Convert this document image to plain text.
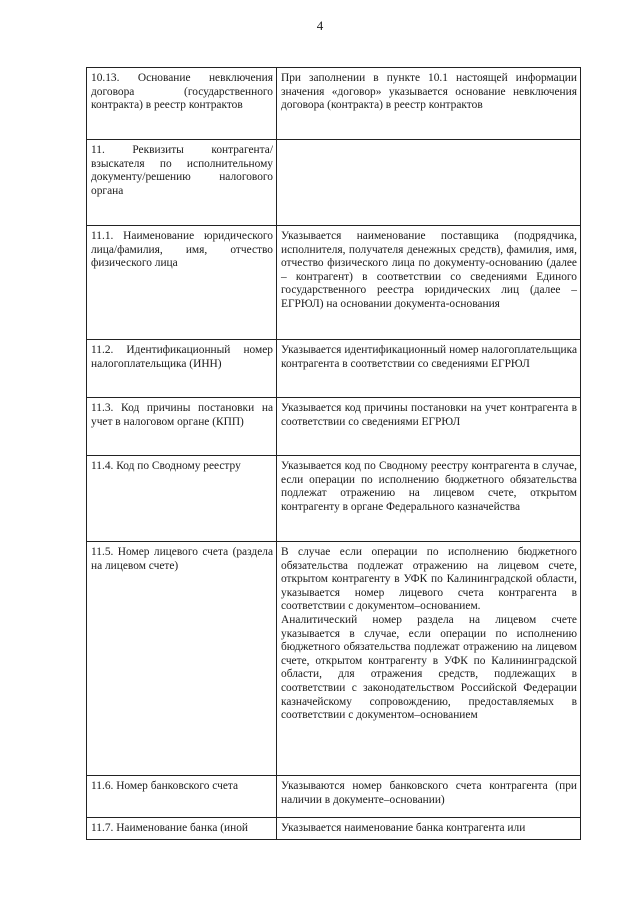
4
10.13. Основание невключения договора (государственного контракта) в реестр контрактов	При заполнении в пункте 10.1 настоящей информации значения «договор» указывается основание невключения договора (контракта) в реестр контрактов

11. Реквизиты контрагента/взыскателя по исполнительному документу/решению налогового органа	

11.1. Наименование юридического лица/фамилия, имя, отчество физического лица	Указывается наименование поставщика (подрядчика, исполнителя, получателя денежных средств), фамилия, имя, отчество физического лица по документу-основанию (далее – контрагент) в соответствии со сведениями Единого государственного реестра юридических лиц (далее – ЕГРЮЛ) на основании документа-основания

11.2. Идентификационный номер налогоплательщика (ИНН)	Указывается идентификационный номер налогоплательщика контрагента в соответствии со сведениями ЕГРЮЛ

11.3. Код причины постановки на учет в налоговом органе (КПП)	Указывается код причины постановки на учет контрагента в соответствии со сведениями ЕГРЮЛ

11.4. Код по Сводному реестру	Указывается код по Сводному реестру контрагента в случае, если операции по исполнению бюджетного обязательства подлежат отражению на лицевом счете, открытом контрагенту в органе Федерального казначейства

11.5. Номер лицевого счета (раздела на лицевом счете)	В случае если операции по исполнению бюджетного обязательства подлежат отражению на лицевом счете, открытом контрагенту в УФК по Калининградской области, указывается номер лицевого счета контрагента в соответствии с документом–основанием.
Аналитический номер раздела на лицевом счете указывается в случае, если операции по исполнению бюджетного обязательства подлежат отражению на лицевом счете, открытом контрагенту в УФК по Калининградской области, для отражения средств, подлежащих в соответствии с законодательством Российской Федерации казначейскому сопровождению, предоставляемых в соответствии с документом–основанием

11.6. Номер банковского счета	Указываются номер банковского счета контрагента (при наличии в документе–основании)

11.7. Наименование банка (иной	Указывается наименование банка контрагента или
